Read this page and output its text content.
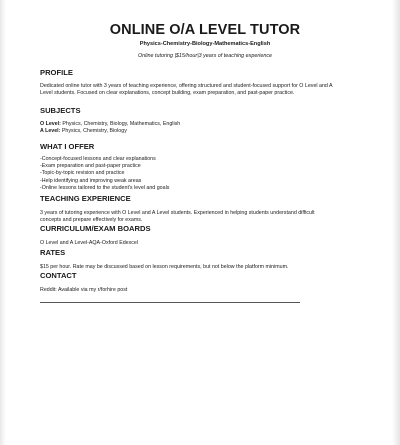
ONLINE O/A LEVEL TUTOR
Physics-Chemistry-Biology-Mathematics-English
Online tutoring |$15/hour|3 years of teaching experience
PROFILE
Dedicated online tutor with 3 years of teaching experience, offering structured and student-focused support for O Level and A
Level students. Focused on clear explanations, concept building, exam preparation, and past-paper practice.
SUBJECTS
O Level: Physics, Chemistry, Biology, Mathematics, English
A Level: Physics, Chemistry, Biology
WHAT I OFFER
-Concept-focused lessons and clear explanations
-Exam preparation and past-paper practice
-Topic-by-topic revision and practice
-Help identifying and improving weak areas
-Online lessons tailored to the student's level and goals
TEACHING EXPERIENCE
3 years of tutoring experience with O Level and A Level students. Experienced in helping students understand difficult
concepts and prepare effectively for exams.
CURRICULUM/EXAM BOARDS
O Level and A Level-AQA-Oxford Edexcel
RATES
$15 per hour. Rate may be discussed based on lesson requirements, but not below the platform minimum.
CONTACT
Reddit: Available via my r/forhire post
